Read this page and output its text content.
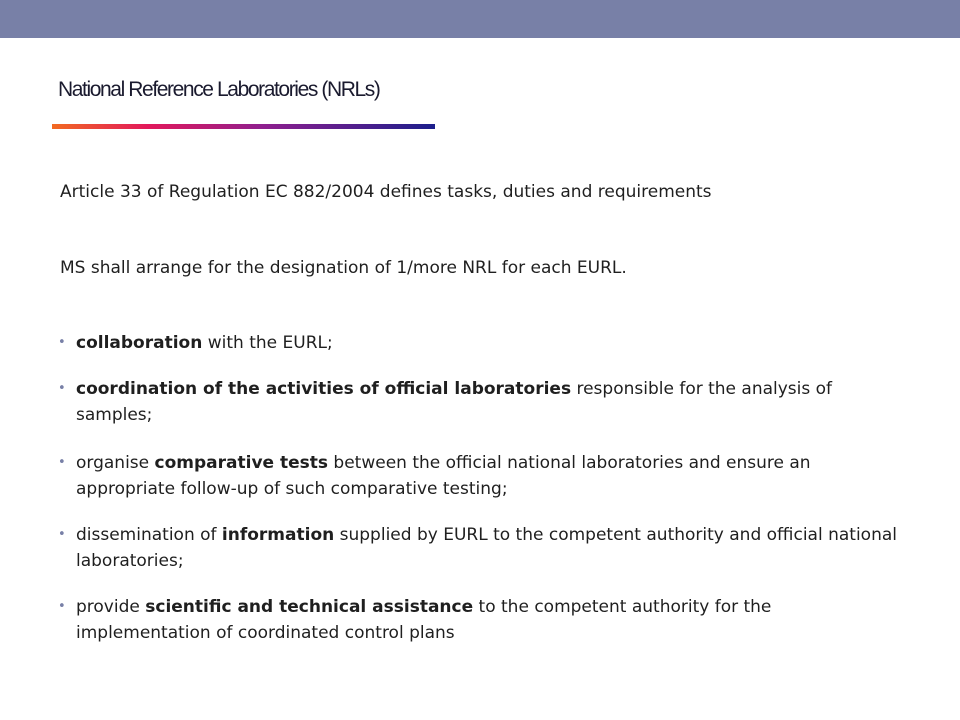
National Reference Laboratories (NRLs)
Article 33 of Regulation EC 882/2004 defines tasks, duties and requirements
MS shall arrange for the designation of 1/more NRL for each EURL.
• collaboration with the EURL;
• coordination of the activities of official laboratories responsible for the analysis of samples;
• organise comparative tests between the official national laboratories and ensure an appropriate follow-up of such comparative testing;
• dissemination of information supplied by EURL to the competent authority and official national laboratories;
• provide scientific and technical assistance to the competent authority for the implementation of coordinated control plans
